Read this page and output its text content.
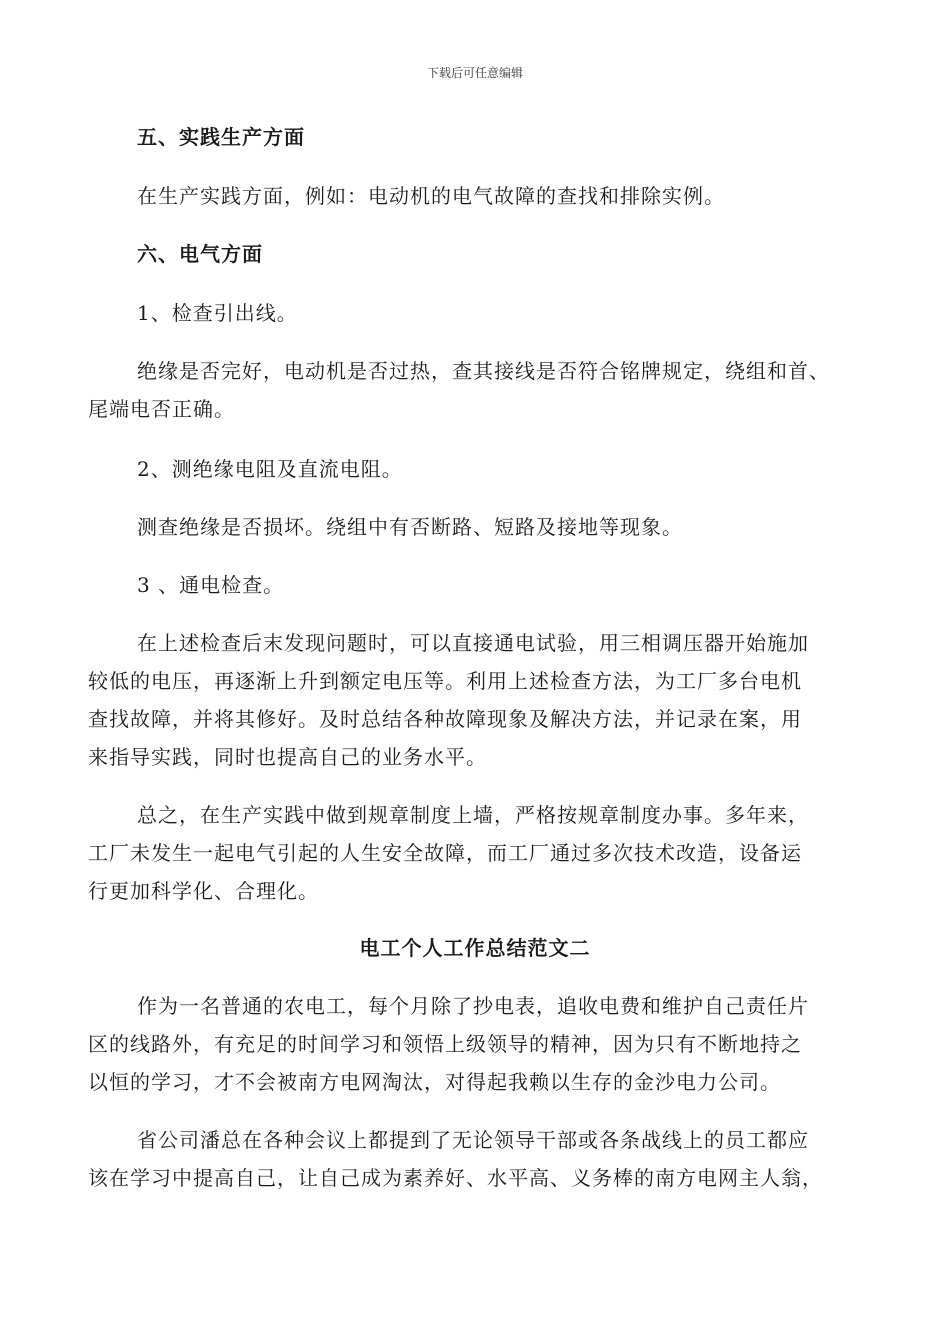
下载后可任意编辑

五、实践生产方面

在生产实践方面，例如：电动机的电气故障的查找和排除实例。

六、电气方面

1、检查引出线。

绝缘是否完好，电动机是否过热，查其接线是否符合铭牌规定，绕组和首、
尾端电否正确。

2、测绝缘电阻及直流电阻。

测查绝缘是否损坏。绕组中有否断路、短路及接地等现象。

3 、通电检查。

在上述检查后末发现问题时，可以直接通电试验，用三相调压器开始施加
较低的电压，再逐渐上升到额定电压等。利用上述检查方法，为工厂多台电机
查找故障，并将其修好。及时总结各种故障现象及解决方法，并记录在案，用
来指导实践，同时也提高自己的业务水平。
总之，在生产实践中做到规章制度上墙，严格按规章制度办事。多年来，
工厂未发生一起电气引起的人生安全故障，而工厂通过多次技术改造，设备运
行更加科学化、合理化。

电工个人工作总结范文二

作为一名普通的农电工，每个月除了抄电表，追收电费和维护自己责任片
区的线路外，有充足的时间学习和领悟上级领导的精神，因为只有不断地持之
以恒的学习，才不会被南方电网淘汰，对得起我赖以生存的金沙电力公司。
省公司潘总在各种会议上都提到了无论领导干部或各条战线上的员工都应
该在学习中提高自己，让自己成为素养好、水平高、义务棒的南方电网主人翁，
